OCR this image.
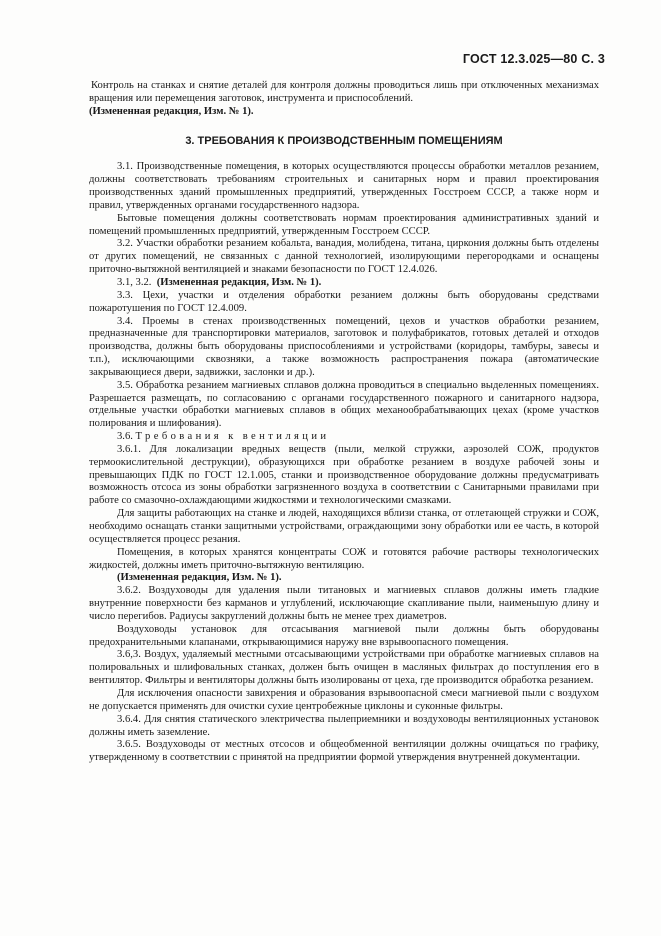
ГОСТ 12.3.025—80 С. 3

Контроль на станках и снятие деталей для контроля должны проводиться лишь при отключенных механизмах вращения или перемещения заготовок, инструмента и приспособлений.

(Измененная редакция, Изм. № 1).

3. ТРЕБОВАНИЯ К ПРОИЗВОДСТВЕННЫМ ПОМЕЩЕНИЯМ

3.1. Производственные помещения, в которых осуществляются процессы обработки металлов резанием, должны соответствовать требованиям строительных и санитарных норм и правил проектирования производственных зданий промышленных предприятий, утвержденных Госстроем СССР, а также норм и правил, утвержденных органами государственного надзора.

Бытовые помещения должны соответствовать нормам проектирования административных зданий и помещений промышленных предприятий, утвержденным Госстроем СССР.

3.2. Участки обработки резанием кобальта, ванадия, молибдена, титана, циркония должны быть отделены от других помещений, не связанных с данной технологией, изолирующими перегородками и оснащены приточно-вытяжной вентиляцией и знаками безопасности по ГОСТ 12.4.026.

3.1, 3.2. (Измененная редакция, Изм. № 1).

3.3. Цехи, участки и отделения обработки резанием должны быть оборудованы средствами пожаротушения по ГОСТ 12.4.009.

3.4. Проемы в стенах производственных помещений, цехов и участков обработки резанием, предназначенные для транспортировки материалов, заготовок и полуфабрикатов, готовых деталей и отходов производства, должны быть оборудованы приспособлениями и устройствами (коридоры, тамбуры, завесы и т.п.), исключающими сквозняки, а также возможность распространения пожара (автоматические закрывающиеся двери, задвижки, заслонки и др.).

3.5. Обработка резанием магниевых сплавов должна проводиться в специально выделенных помещениях. Разрешается размещать, по согласованию с органами государственного пожарного и санитарного надзора, отдельные участки обработки магниевых сплавов в общих механообрабатывающих цехах (кроме участков полирования и шлифования).

3.6. Требования к вентиляции

3.6.1. Для локализации вредных веществ (пыли, мелкой стружки, аэрозолей СОЖ, продуктов термоокислительной деструкции), образующихся при обработке резанием в воздухе рабочей зоны и превышающих ПДК по ГОСТ 12.1.005, станки и производственное оборудование должны предусматривать возможность отсоса из зоны обработки загрязненного воздуха в соответствии с Санитарными правилами при работе со смазочно-охлаждающими жидкостями и технологическими смазками.

Для защиты работающих на станке и людей, находящихся вблизи станка, от отлетающей стружки и СОЖ, необходимо оснащать станки защитными устройствами, ограждающими зону обработки или ее часть, в которой осуществляется процесс резания.

Помещения, в которых хранятся концентраты СОЖ и готовятся рабочие растворы технологических жидкостей, должны иметь приточно-вытяжную вентиляцию.

(Измененная редакция, Изм. № 1).

3.6.2. Воздуховоды для удаления пыли титановых и магниевых сплавов должны иметь гладкие внутренние поверхности без карманов и углублений, исключающие скапливание пыли, наименьшую длину и число перегибов. Радиусы закруглений должны быть не менее трех диаметров.

Воздуховоды установок для отсасывания магниевой пыли должны быть оборудованы предохранительными клапанами, открывающимися наружу вне взрывоопасного помещения.

3.6,3. Воздух, удаляемый местными отсасывающими устройствами при обработке магниевых сплавов на полировальных и шлифовальных станках, должен быть очищен в масляных фильтрах до поступления его в вентилятор. Фильтры и вентиляторы должны быть изолированы от цеха, где производится обработка резанием.

Для исключения опасности завихрения и образования взрывоопасной смеси магниевой пыли с воздухом не допускается применять для очистки сухие центробежные циклоны и суконные фильтры.

3.6.4. Для снятия статического электричества пылеприемники и воздуховоды вентиляционных установок должны иметь заземление.

3.6.5. Воздуховоды от местных отсосов и общеобменной вентиляции должны очищаться по графику, утвержденному в соответствии с принятой на предприятии формой утверждения внутренней документации.
